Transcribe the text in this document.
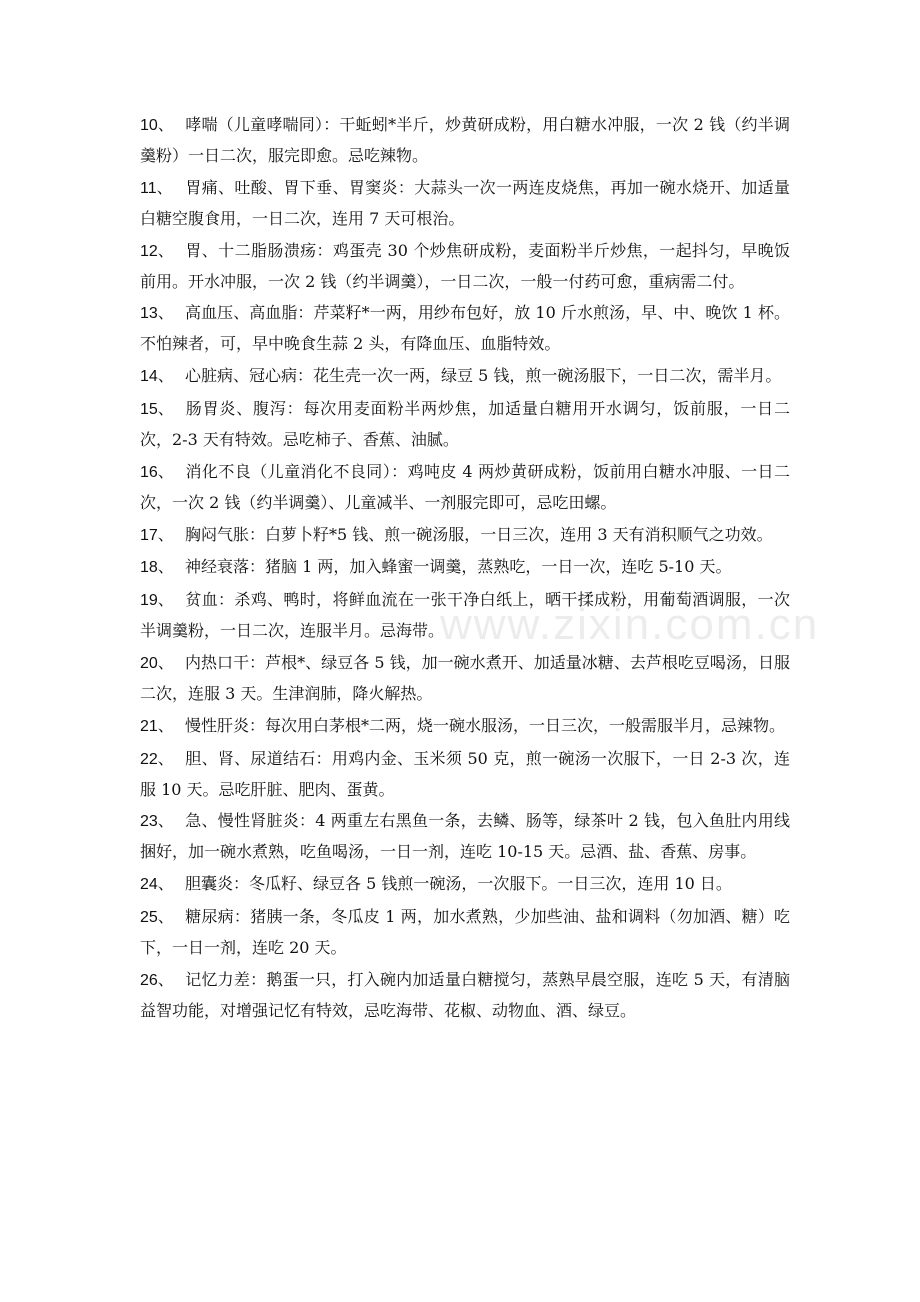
www.zixin.com.cn

10、 哮喘（儿童哮喘同）：干蚯蚓*半斤，炒黄研成粉，用白糖水冲服，一次 2 钱（约半调羹粉）一日二次，服完即愈。忌吃辣物。

11、 胃痛、吐酸、胃下垂、胃窦炎：大蒜头一次一两连皮烧焦，再加一碗水烧开、加适量白糖空腹食用，一日二次，连用 7 天可根治。

12、 胃、十二脂肠溃疡：鸡蛋壳 30 个炒焦研成粉，麦面粉半斤炒焦，一起抖匀，早晚饭前用。开水冲服，一次 2 钱（约半调羹），一日二次，一般一付药可愈，重病需二付。

13、 高血压、高血脂：芹菜籽*一两，用纱布包好，放 10 斤水煎汤，早、中、晚饮 1 杯。不怕辣者，可，早中晚食生蒜 2 头，有降血压、血脂特效。

14、 心脏病、冠心病：花生壳一次一两，绿豆 5 钱，煎一碗汤服下，一日二次，需半月。

15、 肠胃炎、腹泻：每次用麦面粉半两炒焦，加适量白糖用开水调匀，饭前服，一日二次，2-3 天有特效。忌吃柿子、香蕉、油腻。

16、 消化不良（儿童消化不良同）：鸡吨皮 4 两炒黄研成粉，饭前用白糖水冲服、一日二次，一次 2 钱（约半调羹）、儿童减半、一剂服完即可，忌吃田螺。

17、 胸闷气胀：白萝卜籽*5 钱、煎一碗汤服，一日三次，连用 3 天有消积顺气之功效。

18、 神经衰落：猪脑 1 两，加入蜂蜜一调羹，蒸熟吃，一日一次，连吃 5-10 天。

19、 贫血：杀鸡、鸭时，将鲜血流在一张干净白纸上，晒干揉成粉，用葡萄酒调服，一次半调羹粉，一日二次，连服半月。忌海带。

20、 内热口干：芦根*、绿豆各 5 钱，加一碗水煮开、加适量冰糖、去芦根吃豆喝汤，日服二次，连服 3 天。生津润肺，降火解热。

21、 慢性肝炎：每次用白茅根*二两，烧一碗水服汤，一日三次，一般需服半月，忌辣物。

22、 胆、肾、尿道结石：用鸡内金、玉米须 50 克，煎一碗汤一次服下，一日 2-3 次，连服 10 天。忌吃肝脏、肥肉、蛋黄。

23、 急、慢性肾脏炎：4 两重左右黑鱼一条，去鳞、肠等，绿茶叶 2 钱，包入鱼肚内用线捆好，加一碗水煮熟，吃鱼喝汤，一日一剂，连吃 10-15 天。忌酒、盐、香蕉、房事。

24、 胆囊炎：冬瓜籽、绿豆各 5 钱煎一碗汤，一次服下。一日三次，连用 10 日。

25、 糖尿病：猪胰一条，冬瓜皮 1 两，加水煮熟，少加些油、盐和调料（勿加酒、糖）吃下，一日一剂，连吃 20 天。

26、 记忆力差：鹅蛋一只，打入碗内加适量白糖搅匀，蒸熟早晨空服，连吃 5 天，有清脑益智功能，对增强记忆有特效，忌吃海带、花椒、动物血、酒、绿豆。
